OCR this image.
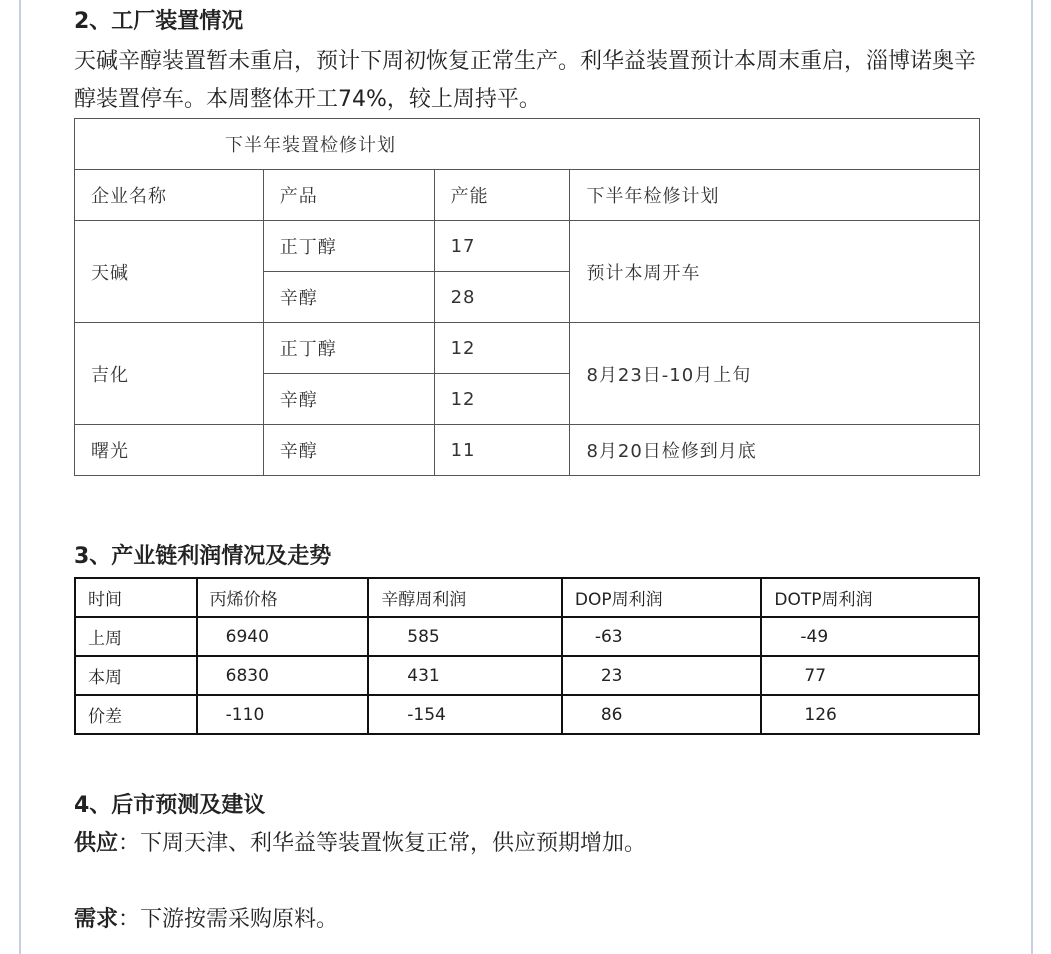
2、工厂装置情况
天碱辛醇装置暂未重启，预计下周初恢复正常生产。利华益装置预计本周末重启，淄博诺奥辛醇装置停车。本周整体开工74%，较上周持平。
下半年装置检修计划			
企业名称	产品	产能	下半年检修计划
天碱	正丁醇	17	预计本周开车
	辛醇	28	
吉化	正丁醇	12	8月23日-10月上旬
	辛醇	12	
曙光	辛醇	11	8月20日检修到月底
3、产业链利润情况及走势
时间	丙烯价格	辛醇周利润	DOP周利润	DOTP周利润
上周	6940	585	-63	-49
本周	6830	431	23	77
价差	-110	-154	86	126
4、后市预测及建议
供应：下周天津、利华益等装置恢复正常，供应预期增加。
需求：下游按需采购原料。
